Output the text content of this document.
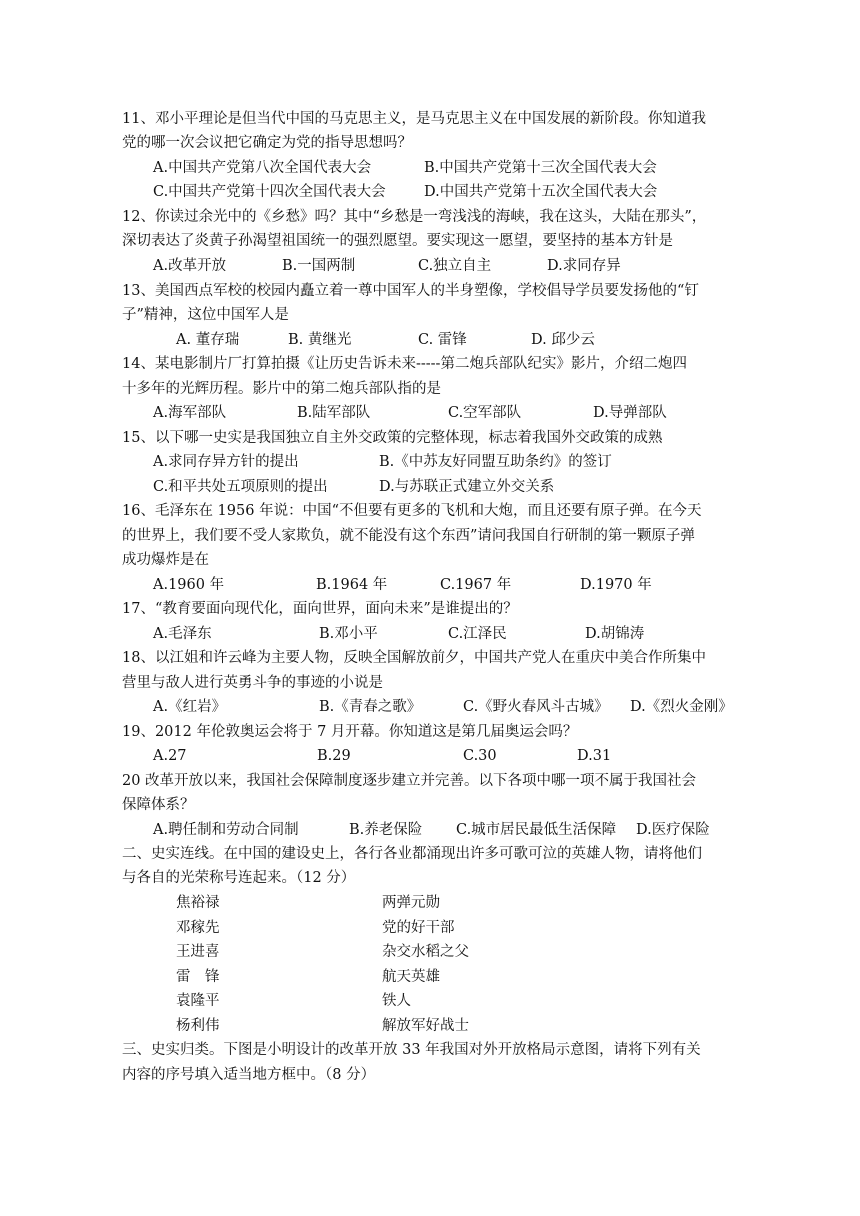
11、邓小平理论是但当代中国的马克思主义，是马克思主义在中国发展的新阶段。你知道我
党的哪一次会议把它确定为党的指导思想吗？
A.中国共产党第八次全国代表大会	B.中国共产党第十三次全国代表大会
C.中国共产党第十四次全国代表大会	D.中国共产党第十五次全国代表大会
12、你读过余光中的《乡愁》吗？其中“乡愁是一弯浅浅的海峡，我在这头，大陆在那头”，
深切表达了炎黄子孙渴望祖国统一的强烈愿望。要实现这一愿望，要坚持的基本方针是
A.改革开放	B.一国两制	C.独立自主	D.求同存异
13、美国西点军校的校园内矗立着一尊中国军人的半身塑像，学校倡导学员要发扬他的“钉
子”精神，这位中国军人是
A. 董存瑞	B. 黄继光	C. 雷锋	D. 邱少云
14、某电影制片厂打算拍摄《让历史告诉未来-----第二炮兵部队纪实》影片，介绍二炮四
十多年的光辉历程。影片中的第二炮兵部队指的是
A.海军部队	B.陆军部队	C.空军部队	D.导弹部队
15、以下哪一史实是我国独立自主外交政策的完整体现，标志着我国外交政策的成熟
A.求同存异方针的提出	B.《中苏友好同盟互助条约》的签订
C.和平共处五项原则的提出	D.与苏联正式建立外交关系
16、毛泽东在 1956 年说：中国“不但要有更多的飞机和大炮，而且还要有原子弹。在今天
的世界上，我们要不受人家欺负，就不能没有这个东西”请问我国自行研制的第一颗原子弹
成功爆炸是在
A.1960 年	B.1964 年	C.1967 年	D.1970 年
17、“教育要面向现代化，面向世界，面向未来”是谁提出的？
A.毛泽东	B.邓小平	C.江泽民	D.胡锦涛
18、以江姐和许云峰为主要人物，反映全国解放前夕，中国共产党人在重庆中美合作所集中
营里与敌人进行英勇斗争的事迹的小说是
A.《红岩》	B.《青春之歌》	C.《野火春风斗古城》 D.《烈火金刚》
19、2012 年伦敦奥运会将于 7 月开幕。你知道这是第几届奥运会吗？
A.27	B.29	C.30	D.31
20 改革开放以来，我国社会保障制度逐步建立并完善。以下各项中哪一项不属于我国社会
保障体系？
A.聘任制和劳动合同制	B.养老保险 C.城市居民最低生活保障 D.医疗保险
二、史实连线。在中国的建设史上，各行各业都涌现出许多可歌可泣的英雄人物，请将他们
与各自的光荣称号连起来。（12 分）
焦裕禄	两弹元勋
邓稼先	党的好干部
王进喜	杂交水稻之父
雷　锋	航天英雄
袁隆平	铁人
杨利伟	解放军好战士
三、史实归类。下图是小明设计的改革开放 33 年我国对外开放格局示意图，请将下列有关
内容的序号填入适当地方框中。（8 分）
